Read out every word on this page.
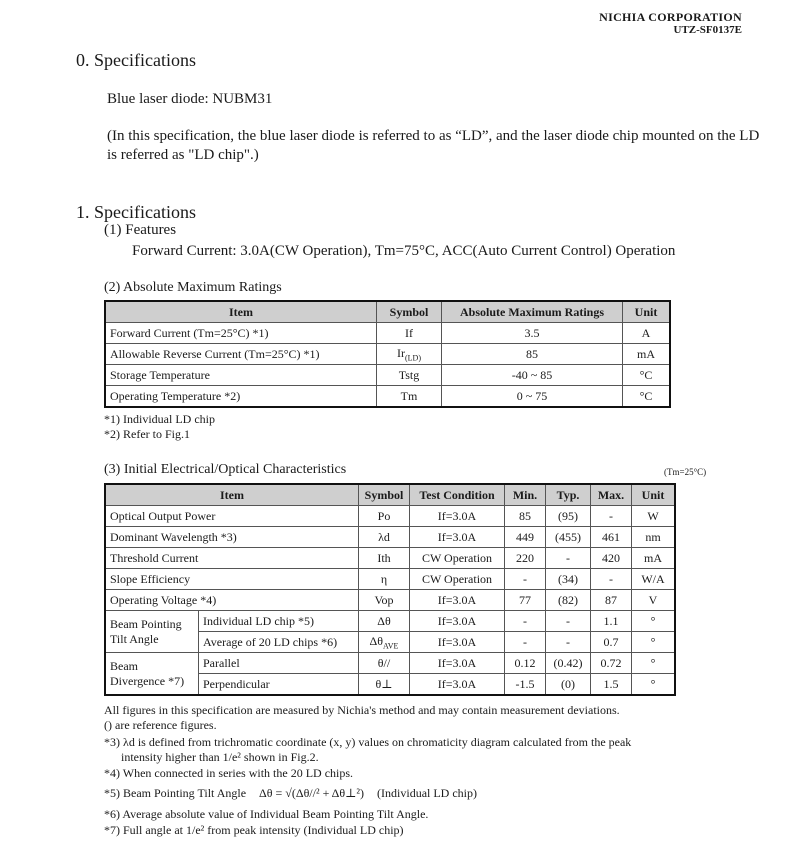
NICHIA CORPORATION
UTZ-SF0137E
0. Specifications
Blue laser diode: NUBM31
(In this specification, the blue laser diode is referred to as “LD”, and the laser diode chip mounted on the LD is referred as "LD chip".)
1. Specifications
(1) Features
Forward Current: 3.0A(CW Operation), Tm=75°C, ACC(Auto Current Control) Operation
(2) Absolute Maximum Ratings
Item	Symbol	Absolute Maximum Ratings	Unit
Forward Current (Tm=25°C) *1)	If	3.5	A
Allowable Reverse Current (Tm=25°C) *1)	$Ir_{(LD)}$	85	mA
Storage Temperature	Tstg	-40 ~ 85	°C
Operating Temperature *2)	Tm	0 ~ 75	°C
*1) Individual LD chip
*2) Refer to Fig.1
(3) Initial Electrical/Optical Characteristics	(Tm=25°C)
Item		Symbol	Test Condition	Min.	Typ.	Max.	Unit
Optical Output Power		Po	If=3.0A	85	(95)	-	W
Dominant Wavelength *3)		λd	If=3.0A	449	(455)	461	nm
Threshold Current		Ith	CW Operation	220	-	420	mA
Slope Efficiency		η	CW Operation	-	(34)	-	W/A
Operating Voltage *4)		Vop	If=3.0A	77	(82)	87	V
Beam Pointing Tilt Angle	Individual LD chip *5)	Δθ	If=3.0A	-	-	1.1	°
	Average of 20 LD chips *6)	$\Delta\theta_{AVE}$	If=3.0A	-	-	0.7	°
Beam Divergence *7)	Parallel	θ//	If=3.0A	0.12	(0.42)	0.72	°
	Perpendicular	θ⊥	If=3.0A	-1.5	(0)	1.5	°
All figures in this specification are measured by Nichia's method and may contain measurement deviations.
() are reference figures.
*3) λd is defined from trichromatic coordinate (x, y) values on chromaticity diagram calculated from the peak
intensity higher than 1/e² shown in Fig.2.
*4) When connected in series with the 20 LD chips.
*5) Beam Pointing Tilt Angle Δθ = √(Δθ//² + Δθ⊥²) (Individual LD chip)
*6) Average absolute value of Individual Beam Pointing Tilt Angle.
*7) Full angle at 1/e² from peak intensity (Individual LD chip)
